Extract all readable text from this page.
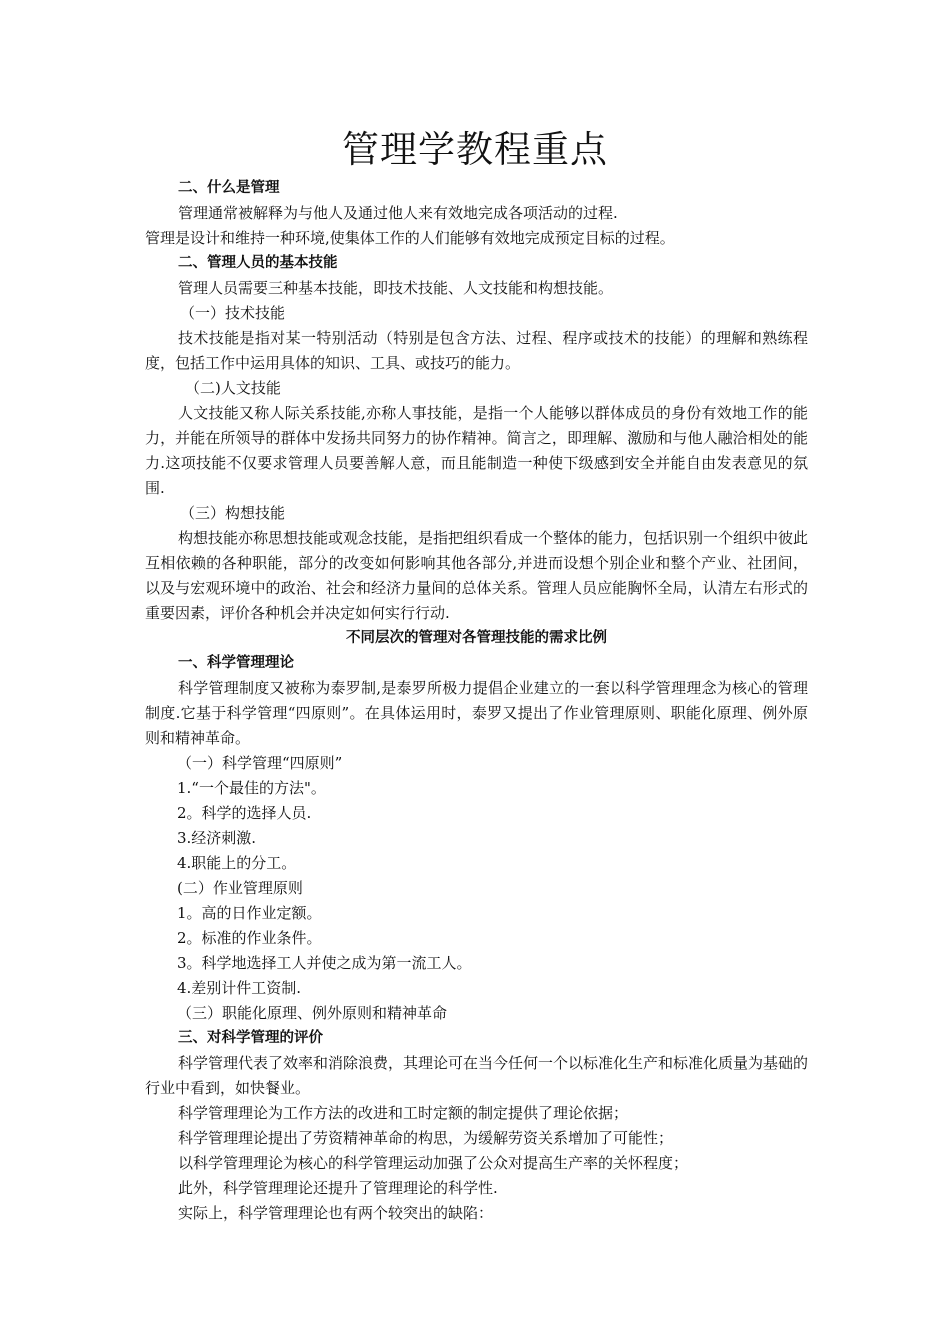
管理学教程重点

二、什么是管理

管理通常被解释为与他人及通过他人来有效地完成各项活动的过程.

管理是设计和维持一种环境,使集体工作的人们能够有效地完成预定目标的过程。

二、管理人员的基本技能

管理人员需要三种基本技能，即技术技能、人文技能和构想技能。

（一）技术技能

技术技能是指对某一特别活动（特别是包含方法、过程、程序或技术的技能）的理解和熟练程度，包括工作中运用具体的知识、工具、或技巧的能力。

（二)人文技能

人文技能又称人际关系技能,亦称人事技能，是指一个人能够以群体成员的身份有效地工作的能力，并能在所领导的群体中发扬共同努力的协作精神。简言之，即理解、激励和与他人融洽相处的能力.这项技能不仅要求管理人员要善解人意，而且能制造一种使下级感到安全并能自由发表意见的氛围.

（三）构想技能

构想技能亦称思想技能或观念技能，是指把组织看成一个整体的能力，包括识别一个组织中彼此互相依赖的各种职能，部分的改变如何影响其他各部分,并进而设想个别企业和整个产业、社团间，以及与宏观环境中的政治、社会和经济力量间的总体关系。管理人员应能胸怀全局，认清左右形式的重要因素，评价各种机会并决定如何实行行动.

不同层次的管理对各管理技能的需求比例

一、科学管理理论

科学管理制度又被称为泰罗制,是泰罗所极力提倡企业建立的一套以科学管理理念为核心的管理制度.它基于科学管理“四原则”。在具体运用时，泰罗又提出了作业管理原则、职能化原理、例外原则和精神革命。

（一）科学管理“四原则”

1.“一个最佳的方法"。

2。科学的选择人员.

3.经济刺激.

4.职能上的分工。

(二）作业管理原则

1。高的日作业定额。

2。标准的作业条件。

3。科学地选择工人并使之成为第一流工人。

4.差别计件工资制.

（三）职能化原理、例外原则和精神革命

三、对科学管理的评价

科学管理代表了效率和消除浪费，其理论可在当今任何一个以标准化生产和标准化质量为基础的行业中看到，如快餐业。

科学管理理论为工作方法的改进和工时定额的制定提供了理论依据；

科学管理理论提出了劳资精神革命的构思，为缓解劳资关系增加了可能性；

以科学管理理论为核心的科学管理运动加强了公众对提高生产率的关怀程度；

此外，科学管理理论还提升了管理理论的科学性.

实际上，科学管理理论也有两个较突出的缺陷：
